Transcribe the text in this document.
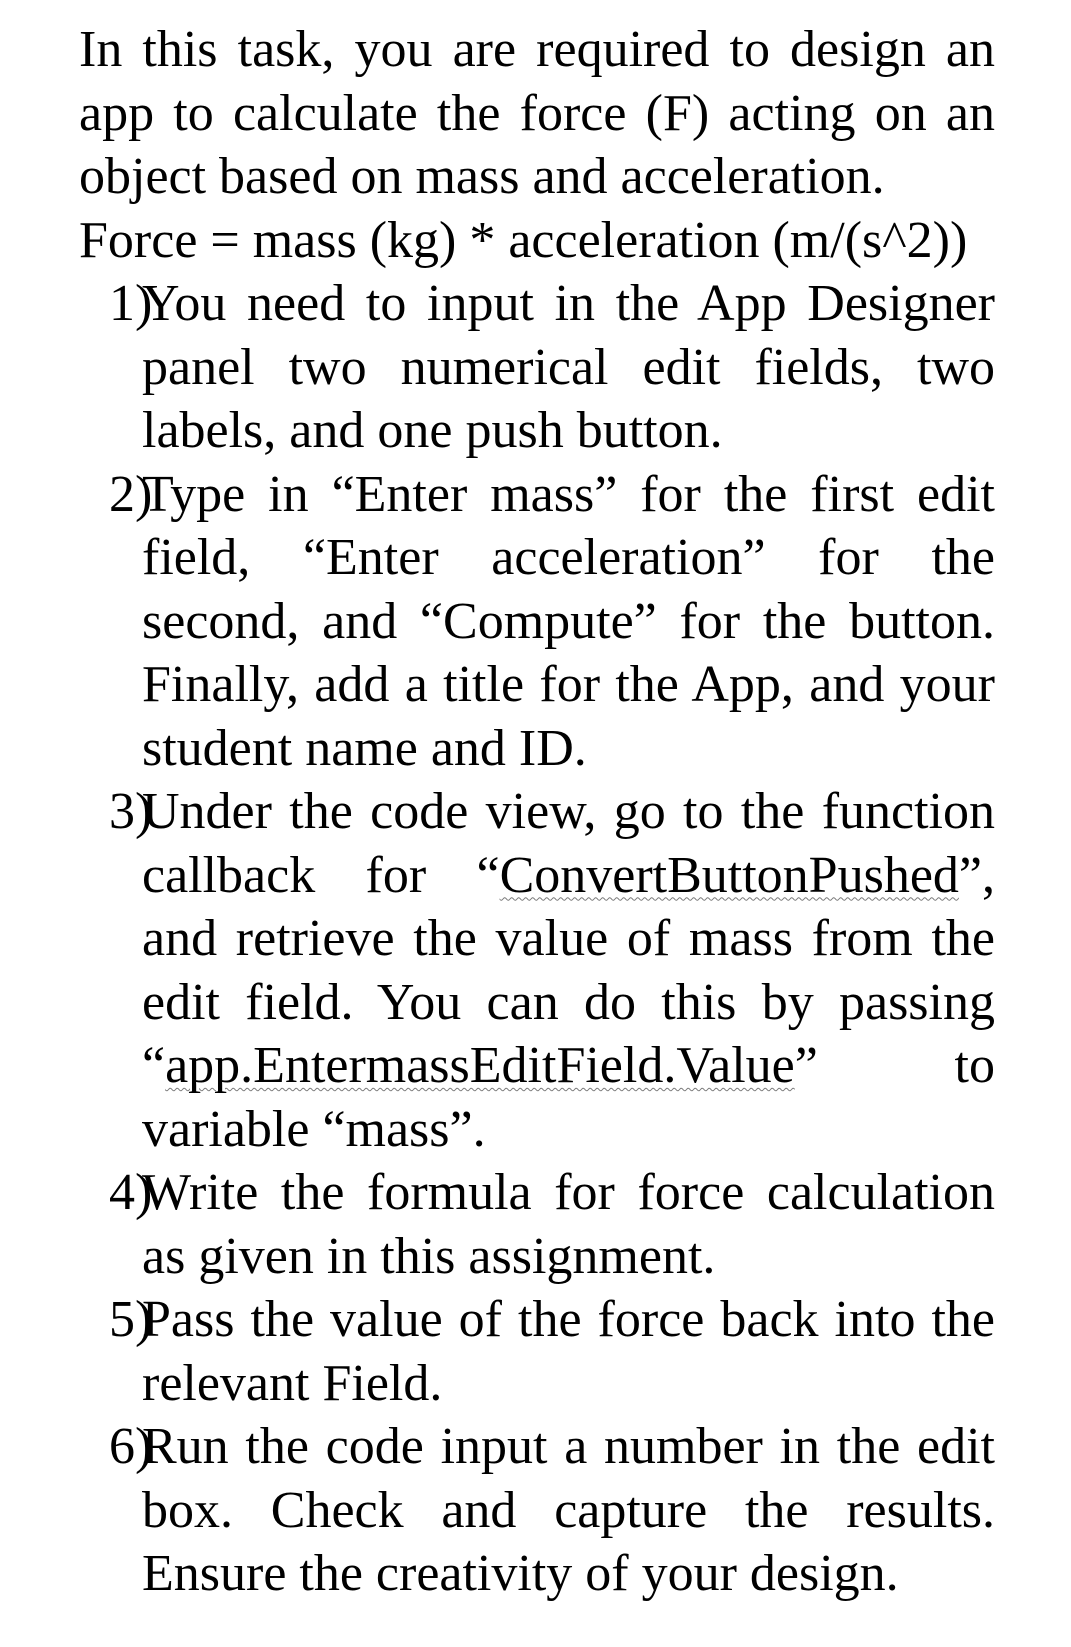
In this task, you are required to design an app to calculate the force (F) acting on an object based on mass and acceleration.

Force = mass (kg) * acceleration (m/(s^2))

1)
You need to input in the App Designer panel two numerical edit fields, two labels, and one push button.
2)
Type in “Enter mass” for the first edit field, “Enter acceleration” for the second, and “Compute” for the button. Finally, add a title for the App, and your student name and ID.
3)
Under the code view, go to the function callback for “ConvertButtonPushed”, and retrieve the value of mass from the edit field. You can do this by passing “app.EntermassEditField.Value” to variable “mass”.
4)
Write the formula for force calculation as given in this assignment.
5)
Pass the value of the force back into the relevant Field.
6)
Run the code input a number in the edit box. Check and capture the results. Ensure the creativity of your design.
